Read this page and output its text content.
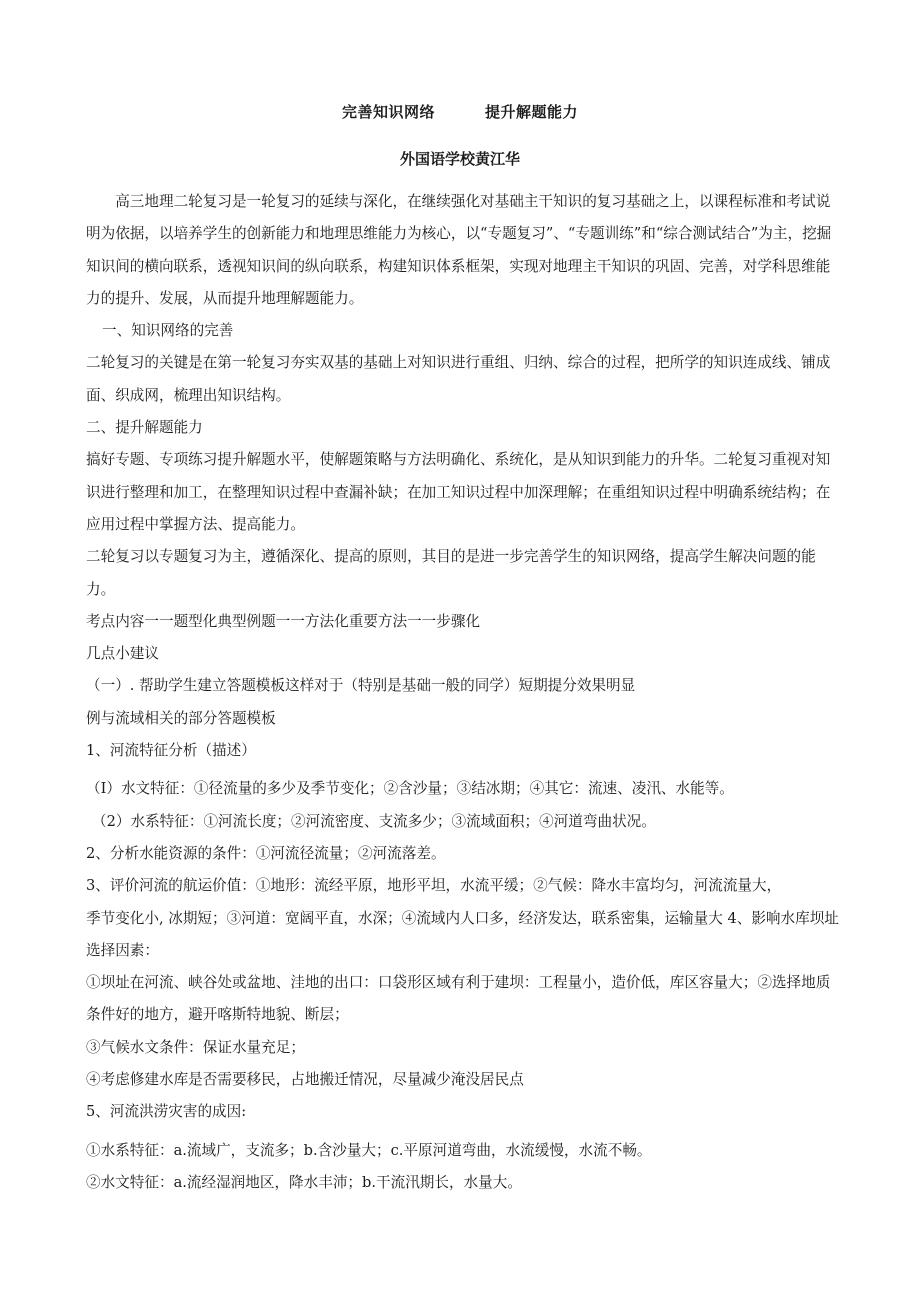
完善知识网络	提升解题能力
外国语学校黄江华

高三地理二轮复习是一轮复习的延续与深化，在继续强化对基础主干知识的复习基础之上，以课程标准和考试说明为依据，以培养学生的创新能力和地理思维能力为核心，以“专题复习”、“专题训练”和“综合测试结合”为主，挖掘知识间的横向联系，透视知识间的纵向联系，构建知识体系框架，实现对地理主干知识的巩固、完善，对学科思维能力的提升、发展，从而提升地理解题能力。

一、知识网络的完善

二轮复习的关键是在第一轮复习夯实双基的基础上对知识进行重组、归纳、综合的过程，把所学的知识连成线、铺成面、织成网，梳理出知识结构。

二、提升解题能力

搞好专题、专项练习提升解题水平，使解题策略与方法明确化、系统化，是从知识到能力的升华。二轮复习重视对知识进行整理和加工，在整理知识过程中查漏补缺；在加工知识过程中加深理解；在重组知识过程中明确系统结构；在应用过程中掌握方法、提高能力。

二轮复习以专题复习为主，遵循深化、提高的原则，其目的是进一步完善学生的知识网络，提高学生解决问题的能力。

考点内容一一题型化典型例题一一方法化重要方法一一步骤化

几点小建议

（一）. 帮助学生建立答题模板这样对于（特别是基础一般的同学）短期提分效果明显

例与流域相关的部分答题模板

1、河流特征分析（描述）

（I）水文特征：①径流量的多少及季节变化；②含沙量；③结冰期；④其它：流速、凌汛、水能等。

（2）水系特征：①河流长度；②河流密度、支流多少；③流域面积；④河道弯曲状况。

2、分析水能资源的条件：①河流径流量；②河流落差。

3、评价河流的航运价值：①地形：流经平原，地形平坦，水流平缓；②气候：降水丰富均匀，河流流量大，

季节变化小, 冰期短；③河道：宽阔平直，水深；④流域内人口多，经济发达，联系密集，运输量大 4、影响水库坝址选择因素：

①坝址在河流、峡谷处或盆地、洼地的出口：口袋形区域有利于建坝：工程量小，造价低，库区容量大；②选择地质条件好的地方，避开喀斯特地貌、断层；

③气候水文条件：保证水量充足；

④考虑修建水库是否需要移民，占地搬迁情况，尽量减少淹没居民点

5、河流洪涝灾害的成因:

①水系特征：a.流域广，支流多；b.含沙量大；c.平原河道弯曲，水流缓慢，水流不畅。

②水文特征：a.流经湿润地区，降水丰沛；b.干流汛期长，水量大。
